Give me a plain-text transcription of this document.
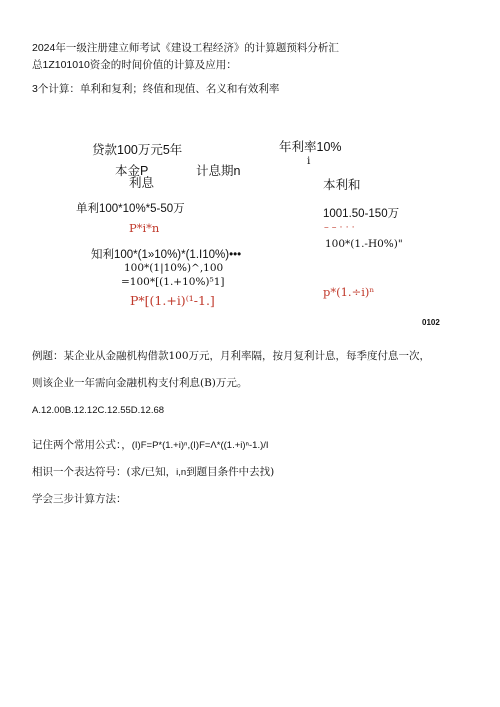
2024年一级注册建立师考试《建设工程经济》的计算题预料分析汇
总1Z101010资金的时间价值的计算及应用：
3个计算：单利和复利；终值和现值、名义和有效利率
贷款100万元5年	年利率10%
i
本金P	计息期n
利息	本利和
单利100*10%*5-50万
P*i*n
1001.50-150万
– – · · ·
知利100*(1»10%)*(1.I10%)•••
100*(1|10%)^,100
=100*[(1.+10%)⁵1]
P*[(1.+i)⁽¹-1.]
100*(1.-H0%)"
p*(1.÷i)ⁿ
0102
例题：某企业从金融机构借款100万元，月利率隔，按月复利计息，每季度付息一次，
则该企业一年需向金融机构支付利息(B)万元。
A.12.00B.12.12C.12.55D.12.68
记住两个常用公式：，(I)F=P*(1.+i)ⁿ,(I)F=Λ*((1.+i)ⁿ-1.)/I
相识一个表达符号：(求/已知，i,n到题目条件中去找)
学会三步计算方法：
